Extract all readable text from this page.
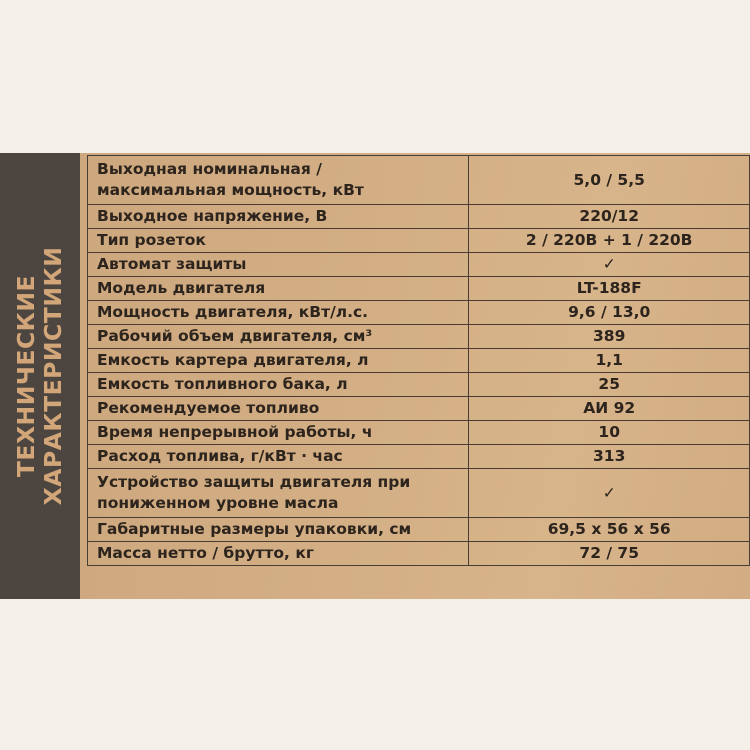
ТЕХНИЧЕСКИЕ ХАРАКТЕРИСТИКИ
Выходная номинальная /
максимальная мощность, кВт	5,0 / 5,5

Выходное напряжение, В	220/12

Тип розеток	2 / 220В + 1 / 220В

Автомат защиты	✓

Модель двигателя	LT-188F

Мощность двигателя, кВт/л.с.	9,6 / 13,0

Рабочий объем двигателя, см³	389

Емкость картера двигателя, л	1,1

Емкость топливного бака, л	25

Рекомендуемое топливо	АИ 92

Время непрерывной работы, ч	10

Расход топлива, г/кВт · час	313

Устройство защиты двигателя при
пониженном уровне масла	✓

Габаритные размеры упаковки, см	69,5 х 56 х 56

Масса нетто / брутто, кг	72 / 75
